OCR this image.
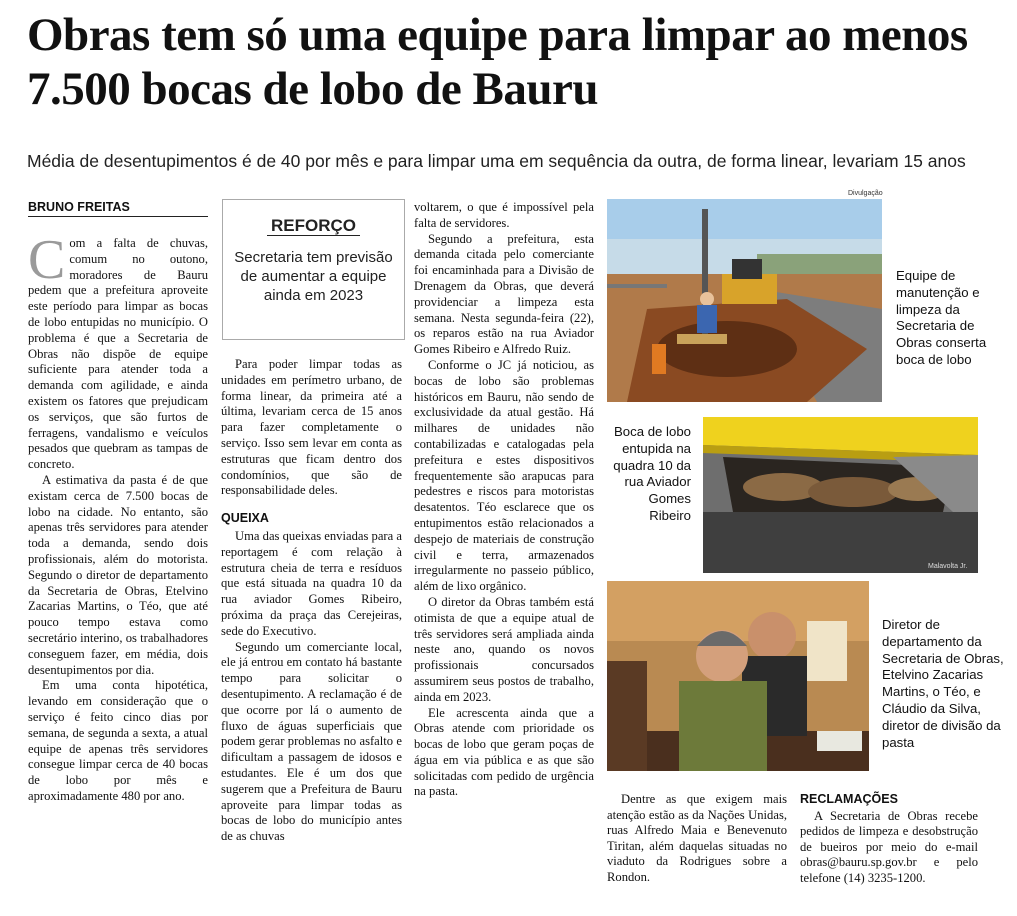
Obras tem só uma equipe para limpar ao menos 7.500 bocas de lobo de Bauru

Média de desentupimentos é de 40 por mês e para limpar uma em sequência da outra, de forma linear, levariam 15 anos

BRUNO FREITAS

Com a falta de chuvas, comum no outono, moradores de Bauru pedem que a prefeitura aproveite este período para limpar as bocas de lobo entupidas no município. O problema é que a Secretaria de Obras não dispõe de equipe suficiente para atender toda a demanda com agilidade, e ainda existem os fatores que prejudicam os serviços, que são furtos de ferragens, vandalismo e veículos pesados que quebram as tampas de concreto.

A estimativa da pasta é de que existam cerca de 7.500 bocas de lobo na cidade. No entanto, são apenas três servidores para atender toda a demanda, sendo dois profissionais, além do motorista. Segundo o diretor de departamento da Secretaria de Obras, Etelvino Zacarias Martins, o Téo, que até pouco tempo estava como secretário interino, os trabalhadores conseguem fazer, em média, dois desentupimentos por dia.

Em uma conta hipotética, levando em consideração que o serviço é feito cinco dias por semana, de segunda a sexta, a atual equipe de apenas três servidores consegue limpar cerca de 40 bocas de lobo por mês e aproximadamente 480 por ano.

REFORÇO
Secretaria tem previsão de aumentar a equipe ainda em 2023

Para poder limpar todas as unidades em perímetro urbano, de forma linear, da primeira até a última, levariam cerca de 15 anos para fazer completamente o serviço. Isso sem levar em conta as estruturas que ficam dentro dos condomínios, que são de responsabilidade deles.

QUEIXA

Uma das queixas enviadas para a reportagem é com relação à estrutura cheia de terra e resíduos que está situada na quadra 10 da rua aviador Gomes Ribeiro, próxima da praça das Cerejeiras, sede do Executivo.

Segundo um comerciante local, ele já entrou em contato há bastante tempo para solicitar o desentupimento. A reclamação é de que ocorre por lá o aumento de fluxo de águas superficiais que podem gerar problemas no asfalto e dificultam a passagem de idosos e estudantes. Ele é um dos que sugerem que a Prefeitura de Bauru aproveite para limpar todas as bocas de lobo do município antes de as chuvas

voltarem, o que é impossível pela falta de servidores.

Segundo a prefeitura, esta demanda citada pelo comerciante foi encaminhada para a Divisão de Drenagem da Obras, que deverá providenciar a limpeza esta semana. Nesta segunda-feira (22), os reparos estão na rua Aviador Gomes Ribeiro e Alfredo Ruiz.

Conforme o JC já noticiou, as bocas de lobo são problemas históricos em Bauru, não sendo de exclusividade da atual gestão. Há milhares de unidades não contabilizadas e catalogadas pela prefeitura e estes dispositivos frequentemente são arapucas para pedestres e riscos para motoristas desatentos. Téo esclarece que os entupimentos estão relacionados a despejo de materiais de construção civil e terra, armazenados irregularmente no passeio público, além de lixo orgânico.

O diretor da Obras também está otimista de que a equipe atual de três servidores será ampliada ainda neste ano, quando os novos profissionais concursados assumirem seus postos de trabalho, ainda em 2023.

Ele acrescenta ainda que a Obras atende com prioridade os bocas de lobo que geram poças de água em via pública e as que são solicitadas com pedido de urgência na pasta.

Divulgação
Equipe de manutenção e limpeza da Secretaria de Obras conserta boca de lobo
Boca de lobo entupida na quadra 10 da rua Aviador Gomes Ribeiro
Malavolta Jr.
Diretor de departamento da Secretaria de Obras, Etelvino Zacarias Martins, o Téo, e Cláudio da Silva, diretor de divisão da pasta

Dentre as que exigem mais atenção estão as da Nações Unidas, ruas Alfredo Maia e Benevenuto Tiritan, além daquelas situadas no viaduto da Rodrigues sobre a Rondon.

RECLAMAÇÕES

A Secretaria de Obras recebe pedidos de limpeza e desobstrução de bueiros por meio do e-mail obras@bauru.sp.gov.br e pelo telefone (14) 3235-1200.
